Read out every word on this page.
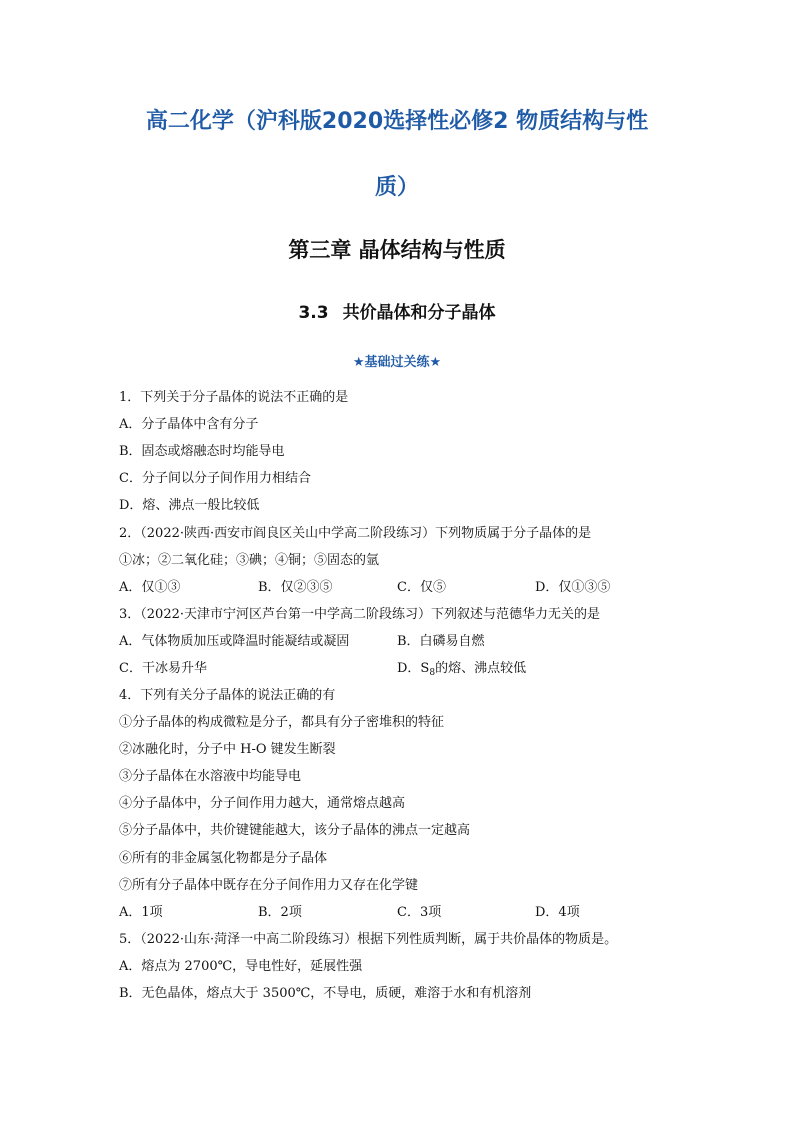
高二化学（沪科版2020选择性必修2 物质结构与性
质）
第三章 晶体结构与性质
3.3 共价晶体和分子晶体
★基础过关练★
1．下列关于分子晶体的说法不正确的是
A．分子晶体中含有分子
B．固态或熔融态时均能导电
C．分子间以分子间作用力相结合
D．熔、沸点一般比较低
2．（2022·陕西·西安市阎良区关山中学高二阶段练习）下列物质属于分子晶体的是
①冰；②二氧化硅；③碘；④铜；⑤固态的氩
A．仅①③	B．仅②③⑤	C．仅⑤	D．仅①③⑤
3．（2022·天津市宁河区芦台第一中学高二阶段练习）下列叙述与范德华力无关的是
A．气体物质加压或降温时能凝结或凝固	B．白磷易自燃
C．干冰易升华	D．$S_8$的熔、沸点较低
4．下列有关分子晶体的说法正确的有
①分子晶体的构成微粒是分子，都具有分子密堆积的特征
②冰融化时，分子中 H-O 键发生断裂
③分子晶体在水溶液中均能导电
④分子晶体中，分子间作用力越大，通常熔点越高
⑤分子晶体中，共价键键能越大，该分子晶体的沸点一定越高
⑥所有的非金属氢化物都是分子晶体
⑦所有分子晶体中既存在分子间作用力又存在化学键
A．1项	B．2项	C．3项	D．4项
5．（2022·山东·菏泽一中高二阶段练习）根据下列性质判断，属于共价晶体的物质是。
A．熔点为 2700℃，导电性好，延展性强
B．无色晶体，熔点大于 3500℃，不导电，质硬，难溶于水和有机溶剂
